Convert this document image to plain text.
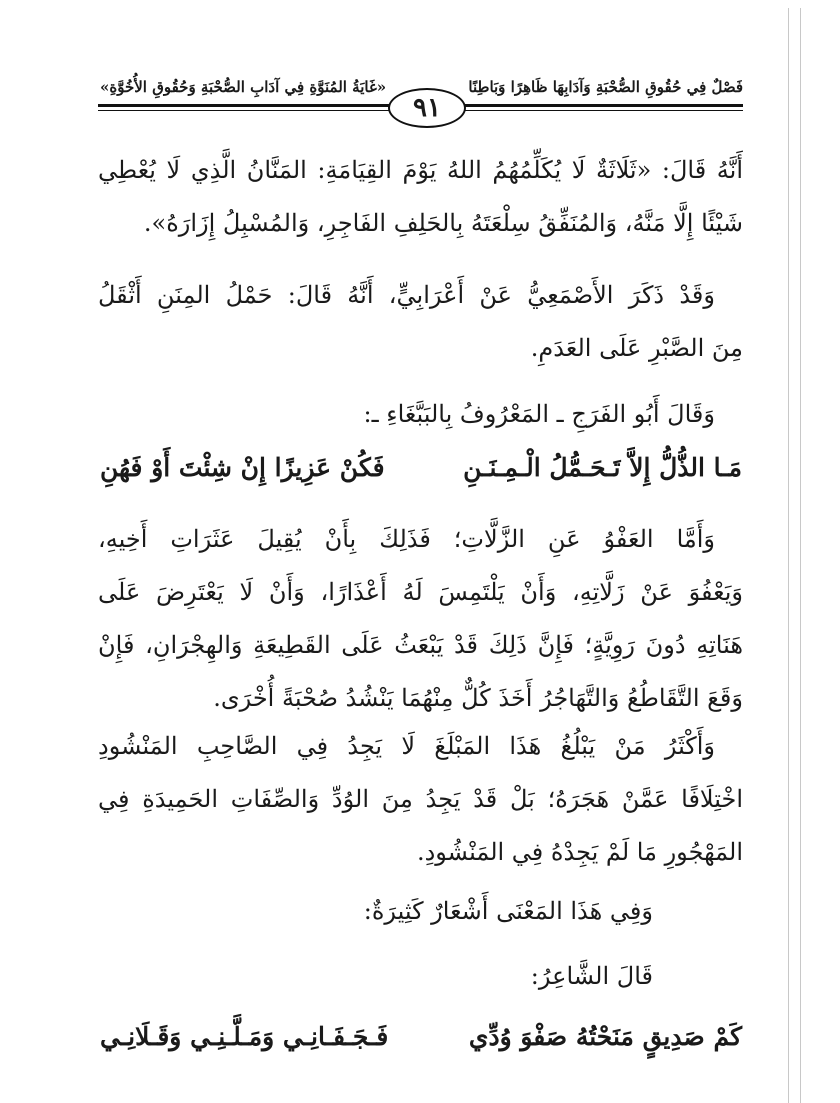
«غَايَةُ المُنَوَّةِ فِي آدَابِ الصُّحْبَةِ وَحُقُوقِ الأُخُوَّةِ»	فَصْلٌ فِي حُقُوقِ الصُّحْبَةِ وَآدَابِهَا ظَاهِرًا وَبَاطِنًا
٩١
أَنَّهُ قَالَ: «ثَلَاثَةٌ لَا يُكَلِّمُهُمُ اللهُ يَوْمَ القِيَامَةِ: المَنَّانُ الَّذِي لَا يُعْطِي
شَيْئًا إِلَّا مَنَّهُ، وَالمُنَفِّقُ سِلْعَتَهُ بِالحَلِفِ الفَاجِرِ، وَالمُسْبِلُ إِزَارَهُ».
وَقَدْ ذَكَرَ الأَصْمَعِيُّ عَنْ أَعْرَابِيٍّ، أَنَّهُ قَالَ: حَمْلُ المِنَنِ أَثْقَلُ
مِنَ الصَّبْرِ عَلَى العَدَمِ.
وَقَالَ أَبُو الفَرَجِ ـ المَعْرُوفُ بِالبَبَّغَاءِ ـ:
مَـا الذُّلُّ إِلاَّ تَـحَـمُّلُ الْـمِـنَـنِ
فَكُنْ عَزِيزًا إِنْ شِئْتَ أَوْ فَهُنِ
وَأَمَّا العَفْوُ عَنِ الزَّلَّاتِ؛ فَذَلِكَ بِأَنْ يُقِيلَ عَثَرَاتِ أَخِيهِ،
وَيَعْفُوَ عَنْ زَلَّاتِهِ، وَأَنْ يَلْتَمِسَ لَهُ أَعْذَارًا، وَأَنْ لَا يَعْتَرِضَ عَلَى
هَنَاتِهِ دُونَ رَوِيَّةٍ؛ فَإِنَّ ذَلِكَ قَدْ يَبْعَثُ عَلَى القَطِيعَةِ وَالهِجْرَانِ، فَإِنْ
وَقَعَ التَّقَاطُعُ وَالتَّهَاجُرُ أَخَذَ كُلٌّ مِنْهُمَا يَنْشُدُ صُحْبَةً أُخْرَى.
وَأَكْثَرُ مَنْ يَبْلُغُ هَذَا المَبْلَغَ لَا يَجِدُ فِي الصَّاحِبِ المَنْشُودِ
اخْتِلَافًا عَمَّنْ هَجَرَهُ؛ بَلْ قَدْ يَجِدُ مِنَ الوُدِّ وَالصِّفَاتِ الحَمِيدَةِ فِي
المَهْجُورِ مَا لَمْ يَجِدْهُ فِي المَنْشُودِ.
وَفِي هَذَا المَعْنَى أَشْعَارٌ كَثِيرَةٌ:
قَالَ الشَّاعِرُ:
كَمْ صَدِيقٍ مَنَحْتُهُ صَفْوَ وُدِّي
فَـجَـفَـانِـي وَمَـلَّـنِـي وَقَـلَانِـي
